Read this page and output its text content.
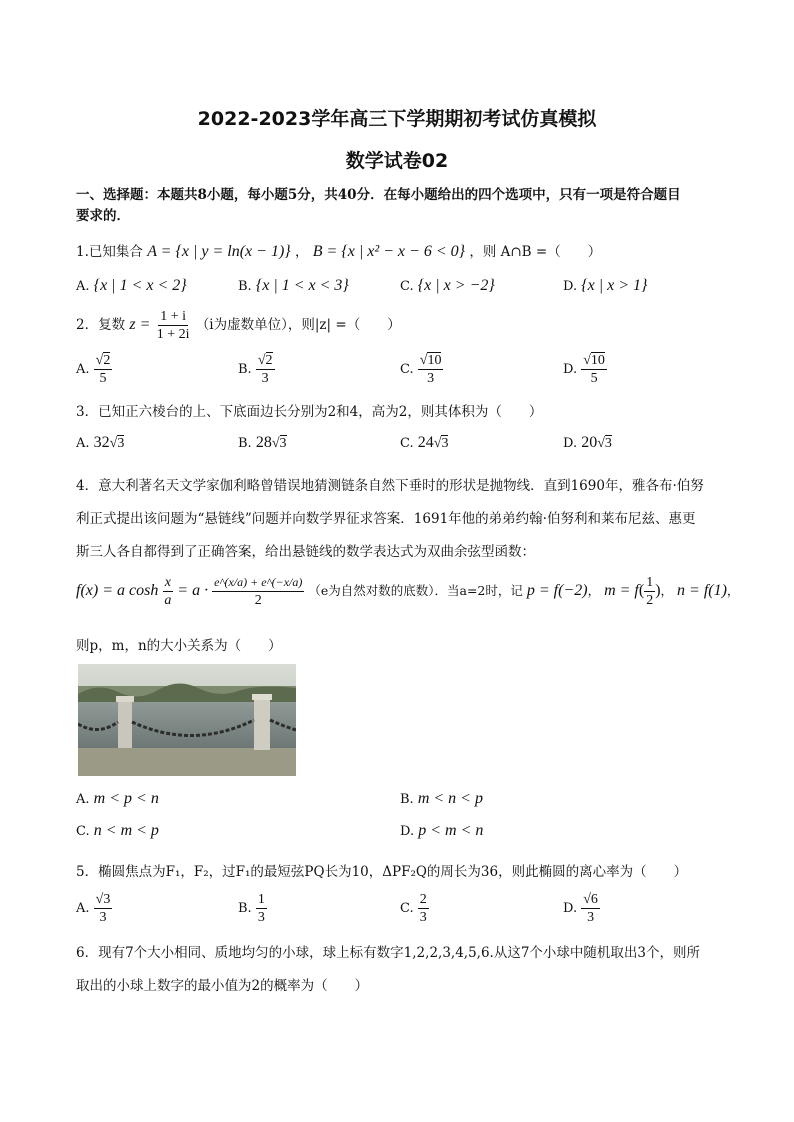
2022-2023学年高三下学期期初考试仿真模拟
数学试卷02
一、选择题：本题共8小题，每小题5分，共40分．在每小题给出的四个选项中，只有一项是符合题目
要求的．
1.已知集合 A = {x | y = ln(x − 1)} ， B = {x | x² − x − 6 < 0} ，则 A∩B =（　　）
A. {x | 1 < x < 2}	B. {x | 1 < x < 3}	C. {x | x > −2}	D. {x | x > 1}
2．复数 $z = \frac{1 + i}{1 + 2i} (i$为虚数单位），则|z| =（　　）
A. $\frac{√2}{5}$	B. $\frac{√2}{3}$	C. $\frac{√10}{3}$	D. $\frac{√10}{5}$
3．已知正六棱台的上、下底面边长分别为2和4，高为2，则其体积为（　　）
A. 32√3	B. 28√3	C. 24√3	D. 20√3
4．意大利著名天文学家伽利略曾错误地猜测链条自然下垂时的形状是抛物线．直到1690年，雅各布·伯努
利正式提出该问题为“悬链线”问题并向数学界征求答案．1691年他的弟弟约翰·伯努利和莱布尼兹、惠更
斯三人各自都得到了正确答案，给出悬链线的数学表达式为双曲余弦型函数：
f(x) = a $\cosh \frac{x}{a} = a \cdot \frac{e\^{}(x/a) + e\^{}(-x/a)}{2} (e$为自然对数的底数）．当a=2时，记 p = f(−2)， $m = f( \frac{1}{2}$ )， n = f(1)，
则p，m，n的大小关系为（　　）
A. m < p < n	B. m < n < p
C. n < m < p	D. p < m < n
5．椭圆焦点为F₁，F₂，过F₁的最短弦PQ长为10，ΔPF₂Q的周长为36，则此椭圆的离心率为（　　）
A. $\frac{√3}{3}$	B. $\frac{1}{3}$	C. $\frac{2}{3}$	D. $\frac{√6}{3}$
6．现有7个大小相同、质地均匀的小球，球上标有数字1,2,2,3,4,5,6.从这7个小球中随机取出3个，则所
取出的小球上数字的最小值为2的概率为（　　）
